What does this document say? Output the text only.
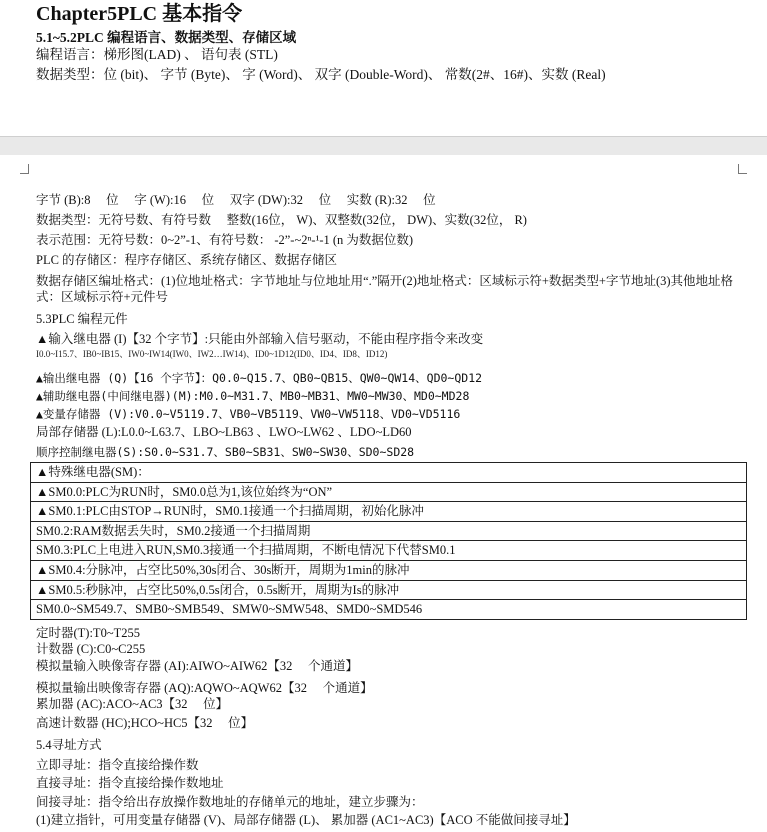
Chapter5PLC 基本指令
5.1~5.2PLC 编程语言、数据类型、存储区域
编程语言：梯形图(LAD) 、 语句表 (STL)
数据类型：位 (bit)、 字节 (Byte)、 字 (Word)、 双字 (Double-Word)、 常数(2#、16#)、实数 (Real)
字节 (B):8　 位　 字 (W):16　 位　 双字 (DW):32　 位　 实数 (R):32　 位
数据类型：无符号数、有符号数　 整数(16位， W)、双整数(32位， DW)、实数(32位， R)
表示范围：无符号数：0~2”-1、有符号数： -2”-~2ⁿ-¹-1 (n 为数据位数)
PLC 的存储区：程序存储区、系统存储区、数据存储区
数据存储区编址格式：(1)位地址格式：字节地址与位地址用“.”隔开(2)地址格式：区域标示符+数据类型+字节地址(3)其他地址格式：区域标示符+元件号
5.3PLC 编程元件
▲输入继电器 (I)【32 个字节】:只能由外部输入信号驱动，不能由程序指令来改变
I0.0~I15.7、IB0~IB15、IW0~IW14(IW0、IW2…IW14)、ID0~1D12(ID0、ID4、ID8、ID12)
▲输出继电器 (Q)【16 个字节】：Q0.0~Q15.7、QB0~QB15、QW0~QW14、QD0~QD12
▲辅助继电器(中间继电器)(M):M0.0~M31.7、MB0~MB31、MW0~MW30、MD0~MD28
▲变量存储器 (V):V0.0~V5119.7、VB0~VB5119、VW0~VW5118、VD0~VD5116
局部存储器 (L):L0.0~L63.7、LBO~LB63 、LWO~LW62 、LDO~LD60
顺序控制继电器(S):S0.0~S31.7、SB0~SB31、SW0~SW30、SD0~SD28
▲特殊继电器(SM)：
▲SM0.0:PLC为RUN时，SM0.0总为1,该位始终为“ON”
▲SM0.1:PLC由STOP→RUN时，SM0.1接通一个扫描周期，初始化脉冲
SM0.2:RAM数据丢失时，SM0.2接通一个扫描周期
SM0.3:PLC上电进入RUN,SM0.3接通一个扫描周期，不断电情况下代替SM0.1
▲SM0.4:分脉冲，占空比50%,30s闭合、30s断开，周期为1min的脉冲
▲SM0.5:秒脉冲，占空比50%,0.5s闭合，0.5s断开，周期为Is的脉冲
SM0.0~SM549.7、SMB0~SMB549、SMW0~SMW548、SMD0~SMD546
定时器(T):T0~T255
计数器 (C):C0~C255
模拟量输入映像寄存器 (AI):AIWO~AIW62【32　 个通道】
模拟量输出映像寄存器 (AQ):AQWO~AQW62【32　 个通道】
累加器 (AC):ACO~AC3【32　 位】
高速计数器 (HC);HCO~HC5【32　 位】
5.4寻址方式
立即寻址：指令直接给操作数
直接寻址：指令直接给操作数地址
间接寻址：指令给出存放操作数地址的存储单元的地址，建立步骤为：
(1)建立指针，可用变量存储器 (V)、局部存储器 (L)、 累加器 (AC1~AC3)【ACO 不能做间接寻址】
